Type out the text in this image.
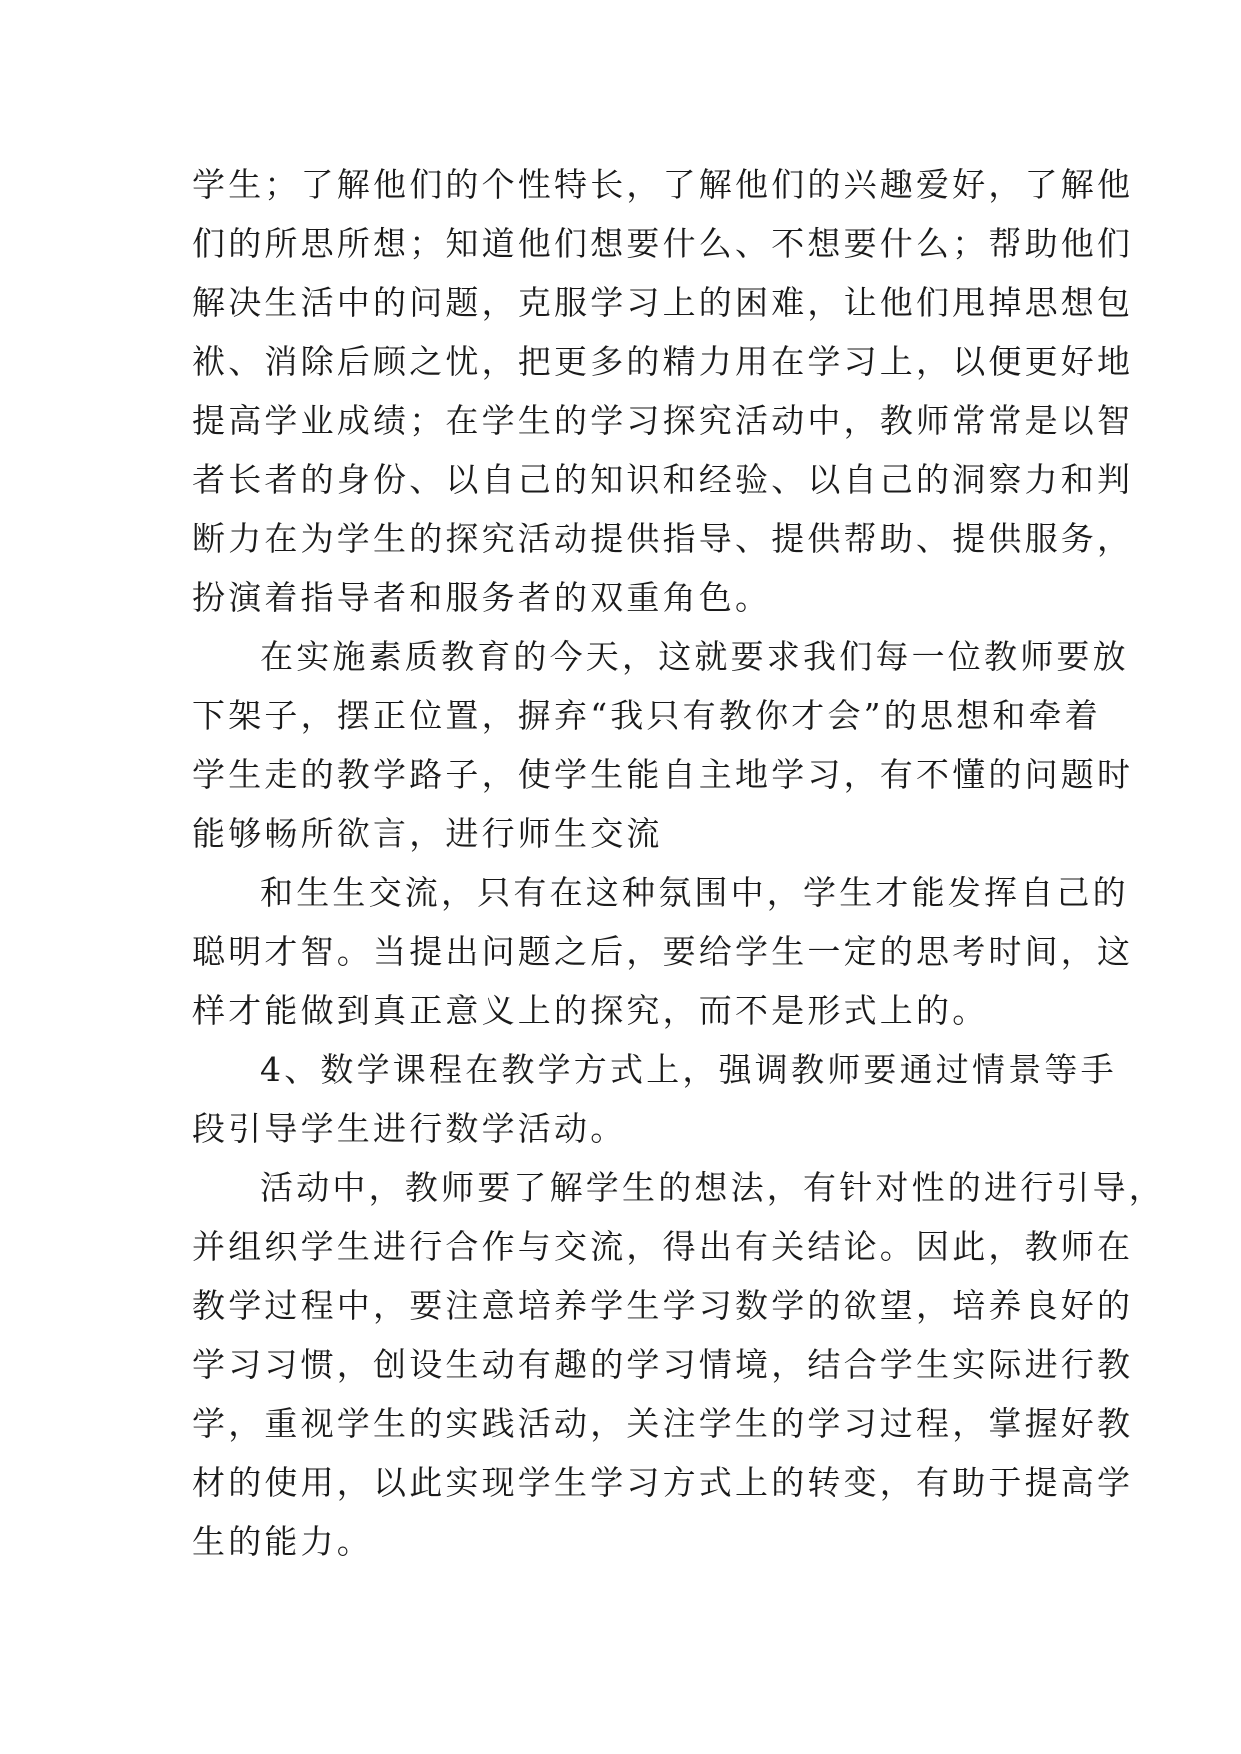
学生；了解他们的个性特长，了解他们的兴趣爱好，了解他
们的所思所想；知道他们想要什么、不想要什么；帮助他们
解决生活中的问题，克服学习上的困难，让他们甩掉思想包
袱、消除后顾之忧，把更多的精力用在学习上，以便更好地
提高学业成绩；在学生的学习探究活动中，教师常常是以智
者长者的身份、以自己的知识和经验、以自己的洞察力和判
断力在为学生的探究活动提供指导、提供帮助、提供服务，
扮演着指导者和服务者的双重角色。
在实施素质教育的今天，这就要求我们每一位教师要放
下架子，摆正位置，摒弃“我只有教你才会”的思想和牵着
学生走的教学路子，使学生能自主地学习，有不懂的问题时
能够畅所欲言，进行师生交流
和生生交流，只有在这种氛围中，学生才能发挥自己的
聪明才智。当提出问题之后，要给学生一定的思考时间，这
样才能做到真正意义上的探究，而不是形式上的。
4、数学课程在教学方式上，强调教师要通过情景等手
段引导学生进行数学活动。
活动中，教师要了解学生的想法，有针对性的进行引导，
并组织学生进行合作与交流，得出有关结论。因此，教师在
教学过程中，要注意培养学生学习数学的欲望，培养良好的
学习习惯，创设生动有趣的学习情境，结合学生实际进行教
学，重视学生的实践活动，关注学生的学习过程，掌握好教
材的使用，以此实现学生学习方式上的转变，有助于提高学
生的能力。
